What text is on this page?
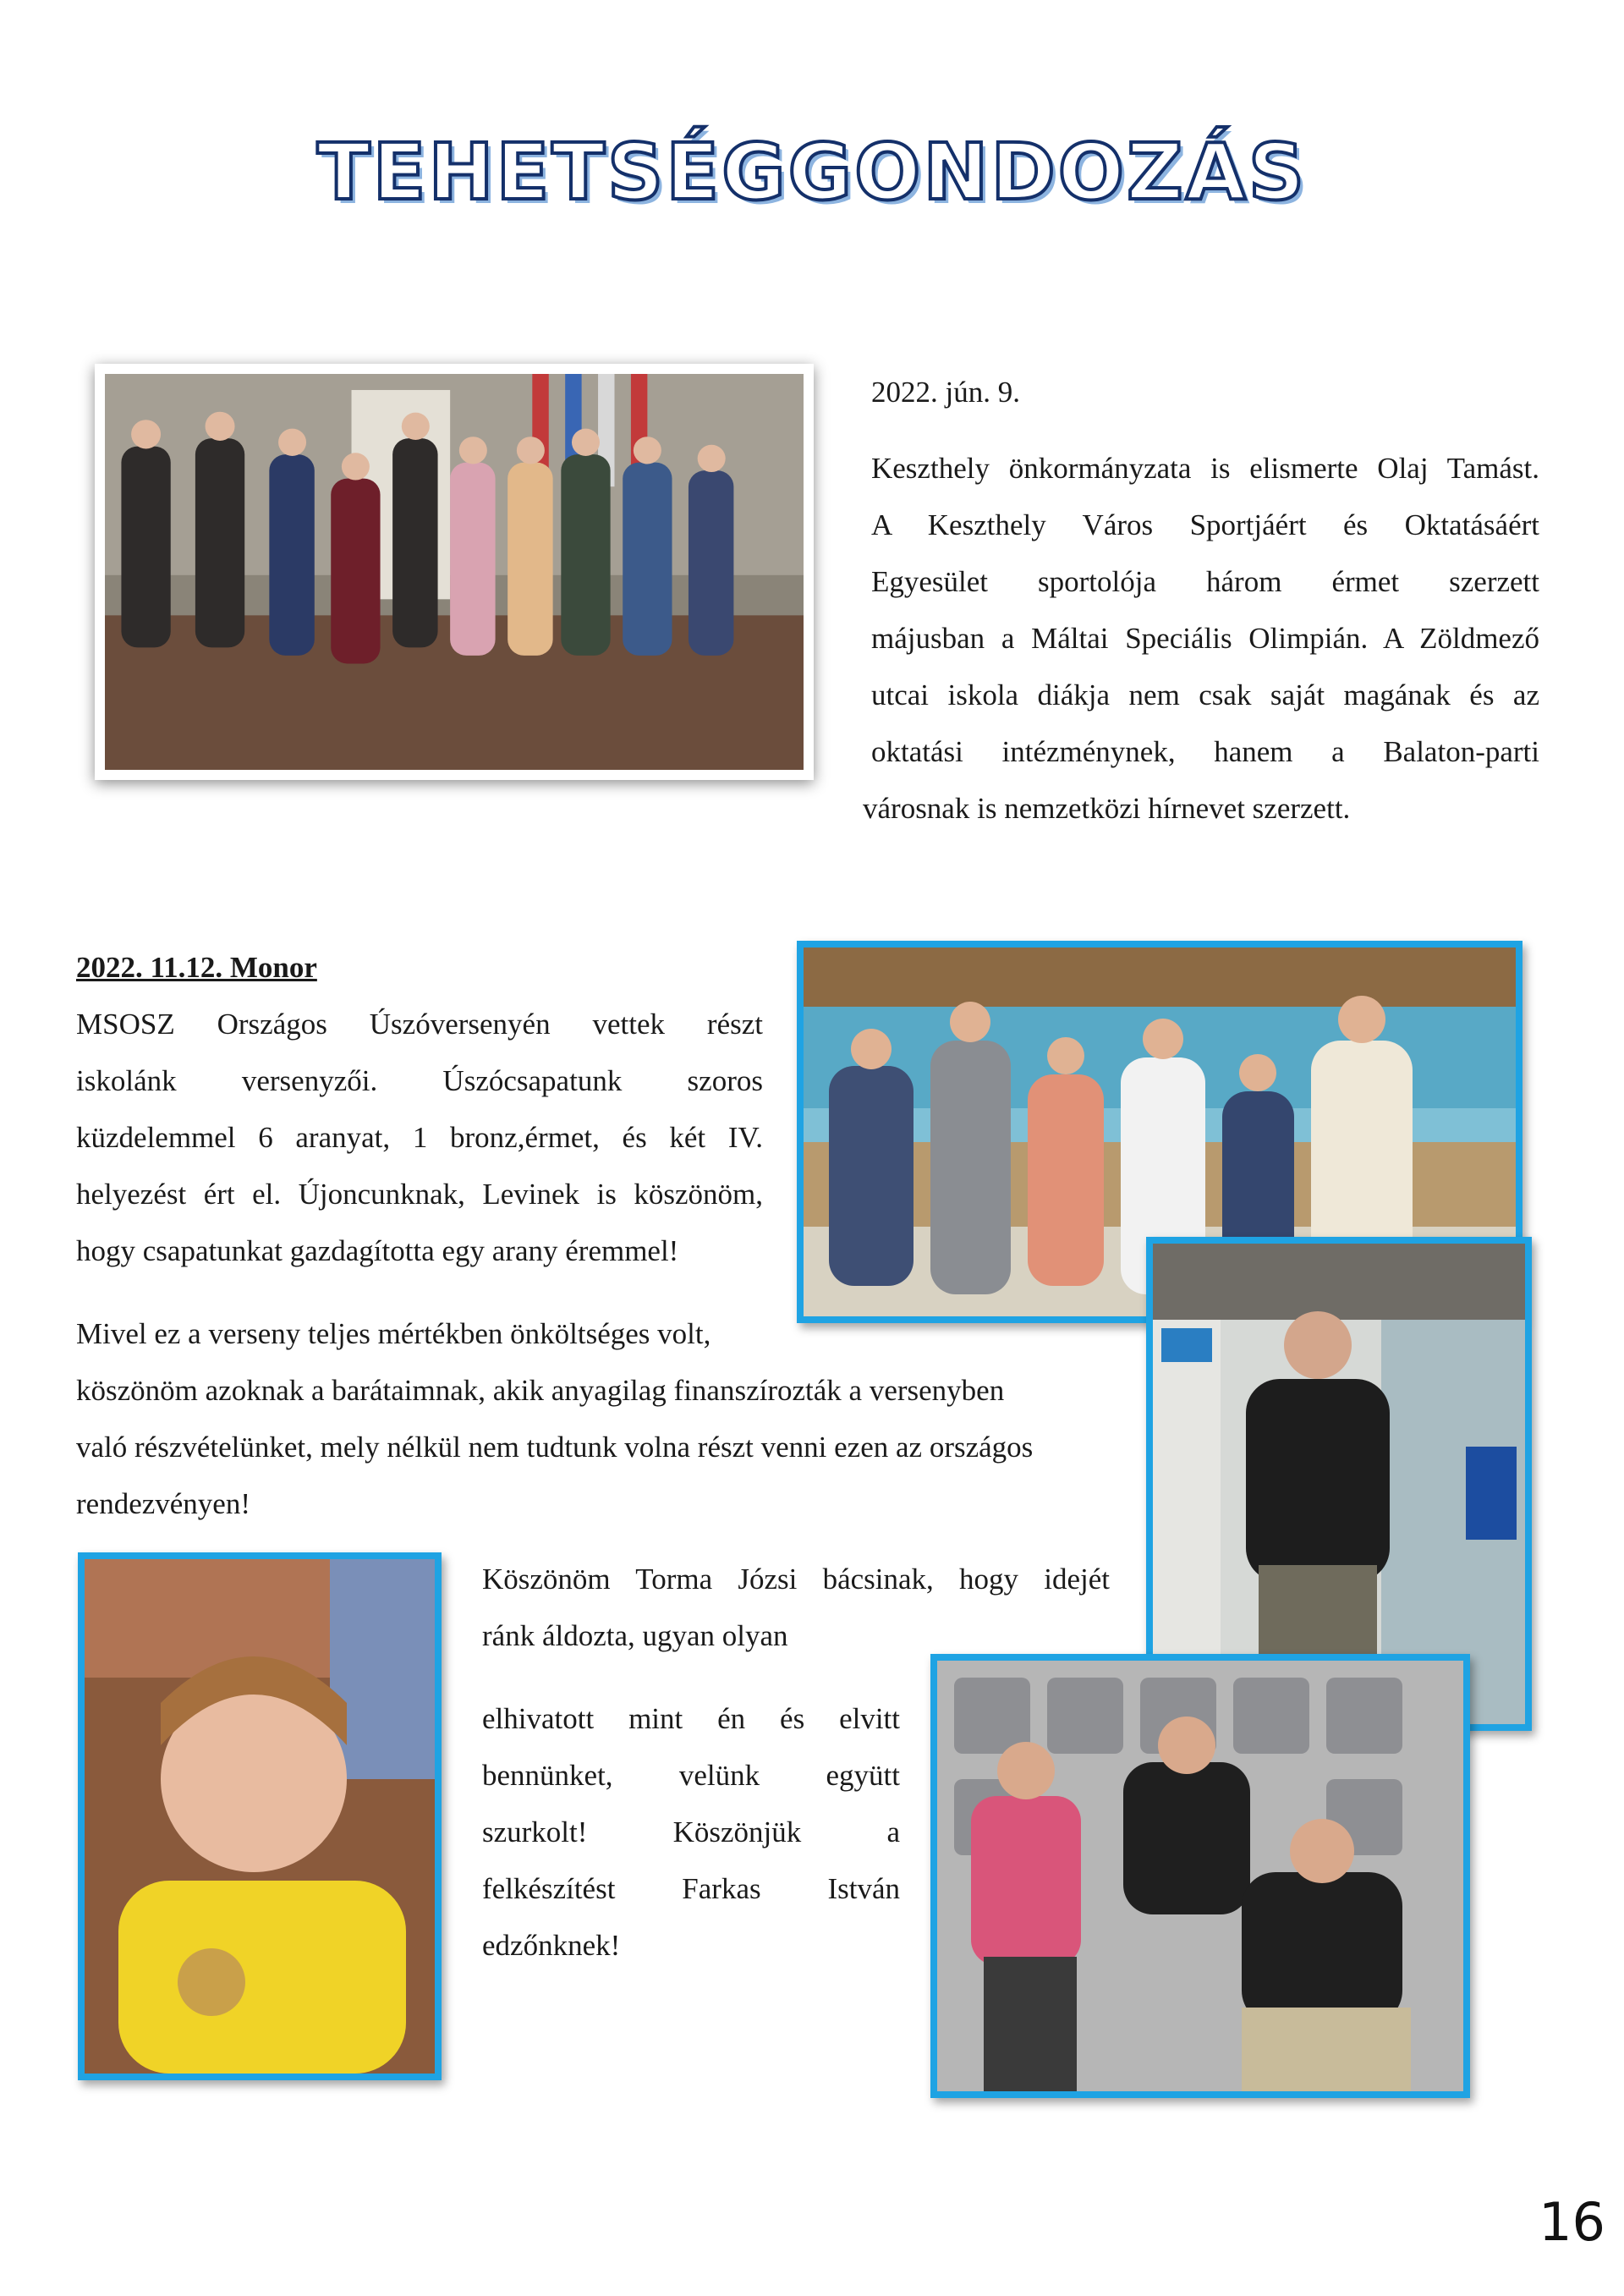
TEHETSÉGGONDOZÁS
2022. jún. 9.
Keszthely önkormányzata is elismerte Olaj Tamást.
A Keszthely Város Sportjáért és Oktatásáért
Egyesület sportolója három érmet szerzett
májusban a Máltai Speciális Olimpián. A Zöldmező
utcai iskola diákja nem csak saját magának és az
oktatási intézménynek, hanem a Balaton-parti
városnak is nemzetközi hírnevet szerzett.
2022. 11.12. Monor
MSOSZ Országos Úszóversenyén vettek részt
iskolánk versenyzői. Úszócsapatunk szoros
küzdelemmel 6 aranyat, 1 bronz,érmet, és két IV.
helyezést ért el. Újoncunknak, Levinek is köszönöm,
hogy csapatunkat gazdagította egy arany éremmel!
Mivel ez a verseny teljes mértékben önköltséges volt,
köszönöm azoknak a barátaimnak, akik anyagilag finanszírozták a versenyben
való részvételünket, mely nélkül nem tudtunk volna részt venni ezen az országos
rendezvényen!
Köszönöm Torma Józsi bácsinak, hogy idejét
ránk áldozta, ugyan olyan
elhivatott mint én és elvitt
bennünket, velünk együtt
szurkolt! Köszönjük a
felkészítést Farkas István
edzőnknek!
16
